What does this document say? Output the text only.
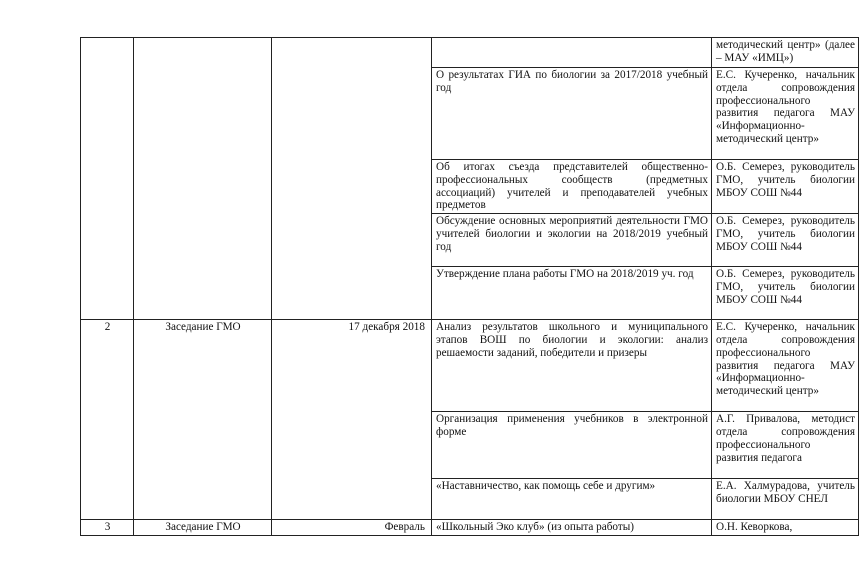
				методический центр» (далее – МАУ «ИМЦ»)

			О результатах ГИА по биологии за 2017/2018 учебный год	Е.С. Кучеренко, начальник отдела сопровождения профессионального развития педагога МАУ «Информационно-методический центр»

			Об итогах съезда представителей общественно-профессиональных сообществ (предметных ассоциаций) учителей и преподавателей учебных предметов	О.Б. Семерез, руководитель ГМО, учитель биологии МБОУ СОШ №44

			Обсуждение основных мероприятий деятельности ГМО учителей биологии и экологии на 2018/2019 учебный год	О.Б. Семерез, руководитель ГМО, учитель биологии МБОУ СОШ №44

			Утверждение плана работы ГМО на 2018/2019 уч. год	О.Б. Семерез, руководитель ГМО, учитель биологии МБОУ СОШ №44

2	Заседание ГМО	17 декабря 2018	Анализ результатов школьного и муниципального этапов ВОШ по биологии и экологии: анализ решаемости заданий, победители и призеры	Е.С. Кучеренко, начальник отдела сопровождения профессионального развития педагога МАУ «Информационно-методический центр»

			Организация применения учебников в электронной форме	А.Г. Привалова, методист отдела сопровождения профессионального развития педагога

			«Наставничество, как помощь себе и другим»	Е.А. Халмурадова, учитель биологии МБОУ СНЕЛ

3	Заседание ГМО	Февраль	«Школьный Эко клуб» (из опыта работы)	О.Н. Кеворкова,
